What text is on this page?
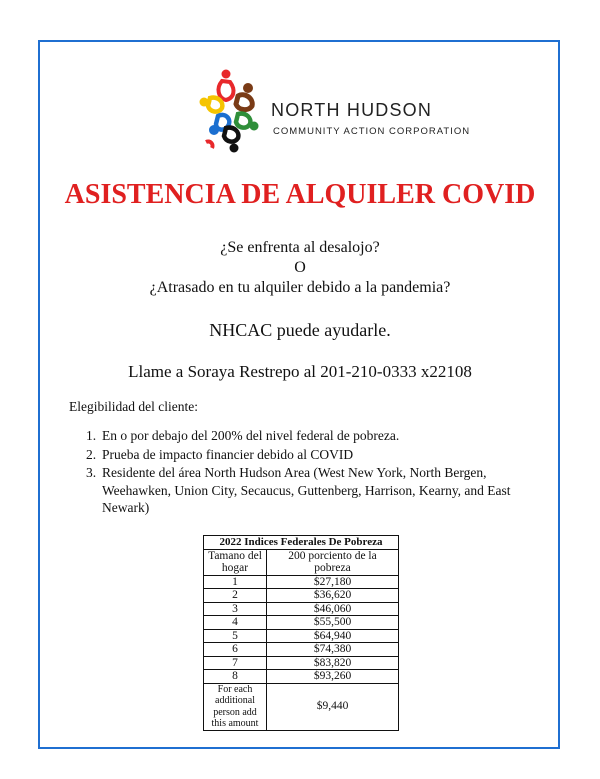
NORTH HUDSON
COMMUNITY ACTION CORPORATION
ASISTENCIA DE ALQUILER COVID
¿Se enfrenta al desalojo?
O
¿Atrasado en tu alquiler debido a la pandemia?
NHCAC puede ayudarle.
Llame a Soraya Restrepo al 201-210-0333 x22108
Elegibilidad del cliente:
1. En o por debajo del 200% del nivel federal de pobreza.
2. Prueba de impacto financier debido al COVID
3. Residente del área North Hudson Area (West New York, North Bergen, Weehawken, Union City, Secaucus, Guttenberg, Harrison, Kearny, and East Newark)
2022 Indices Federales De Pobreza	
Tamano del hogar	200 porciento de la pobreza
1	$27,180
2	$36,620
3	$46,060
4	$55,500
5	$64,940
6	$74,380
7	$83,820
8	$93,260
For each additional person add this amount	$9,440
